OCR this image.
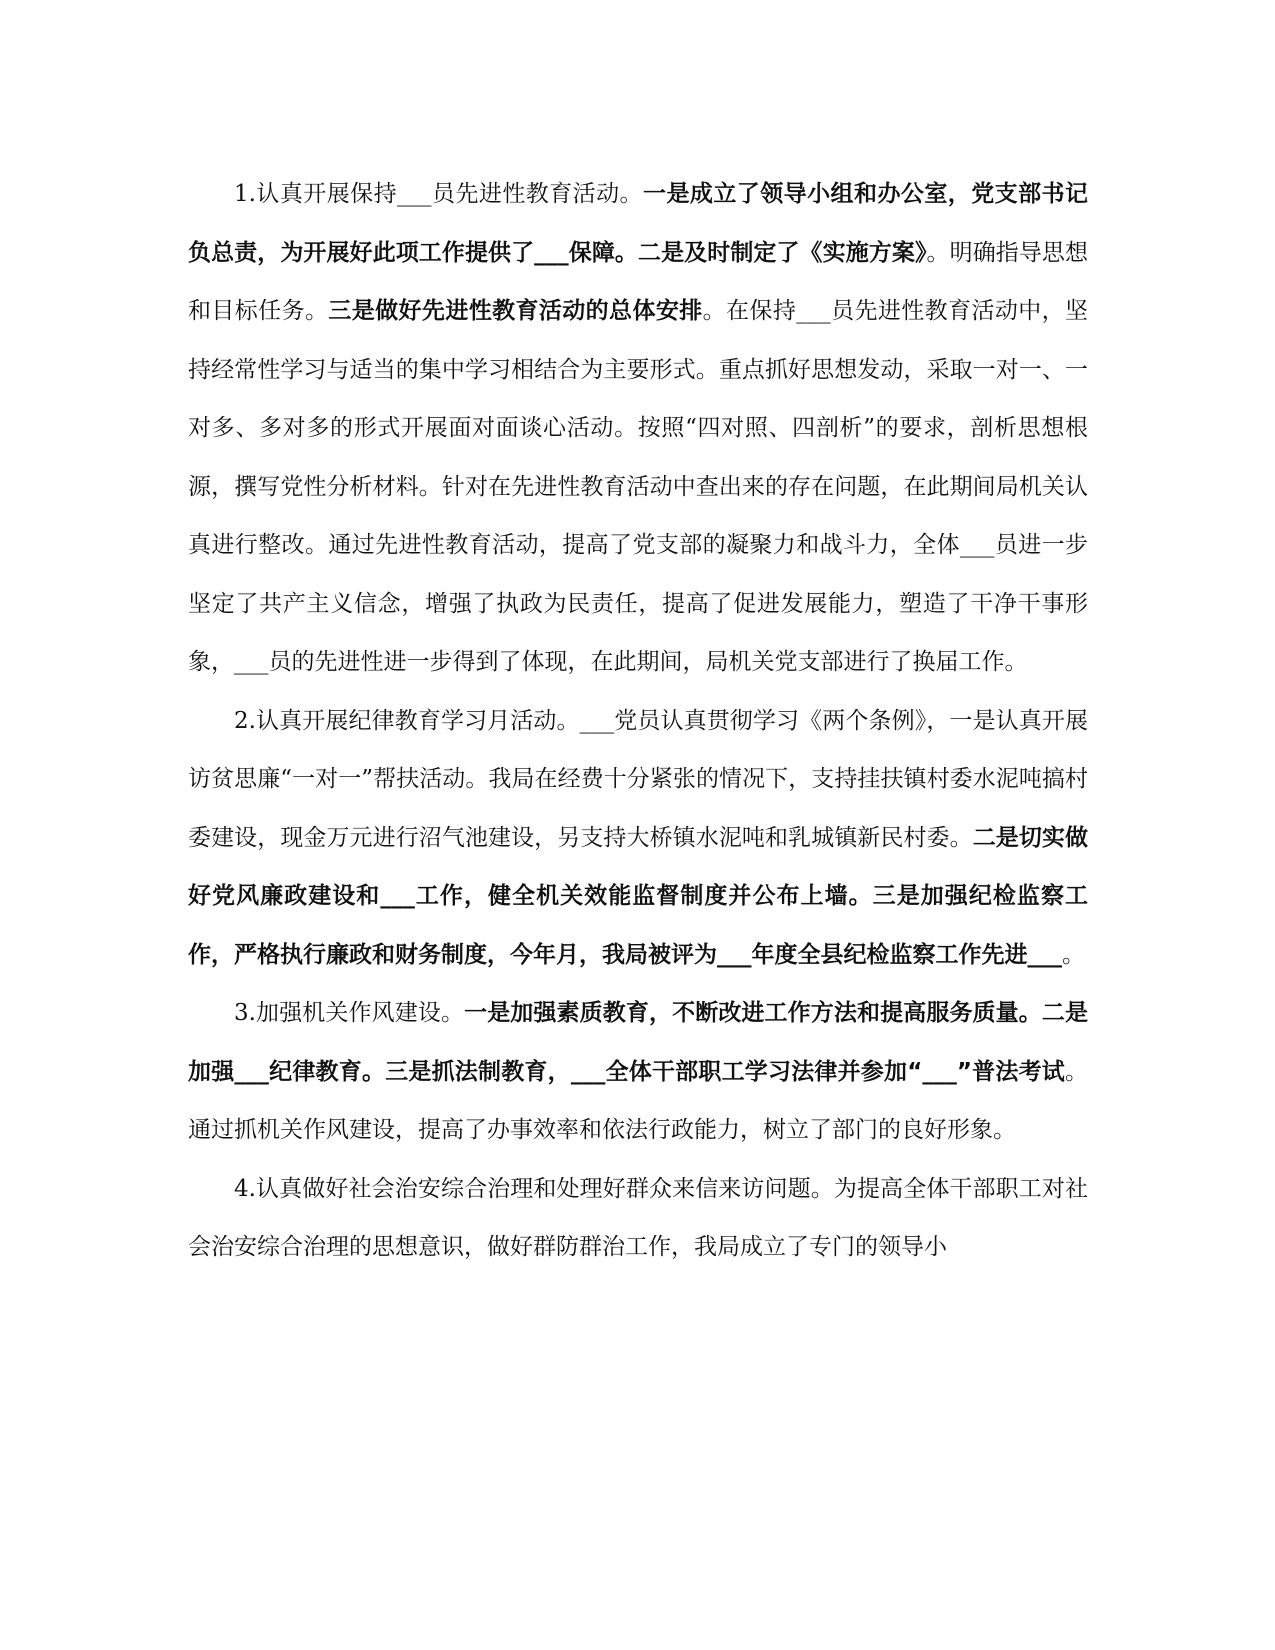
1.认真开展保持___员先进性教育活动。一是成立了领导小组和办公室，党支部书记负总责，为开展好此项工作提供了___保障。二是及时制定了《实施方案》。明确指导思想和目标任务。三是做好先进性教育活动的总体安排。在保持___员先进性教育活动中，坚持经常性学习与适当的集中学习相结合为主要形式。重点抓好思想发动，采取一对一、一对多、多对多的形式开展面对面谈心活动。按照“四对照、四剖析”的要求，剖析思想根源，撰写党性分析材料。针对在先进性教育活动中查出来的存在问题，在此期间局机关认真进行整改。通过先进性教育活动，提高了党支部的凝聚力和战斗力，全体___员进一步坚定了共产主义信念，增强了执政为民责任，提高了促进发展能力，塑造了干净干事形象，___员的先进性进一步得到了体现，在此期间，局机关党支部进行了换届工作。

2.认真开展纪律教育学习月活动。___党员认真贯彻学习《两个条例》，一是认真开展访贫思廉“一对一”帮扶活动。我局在经费十分紧张的情况下，支持挂扶镇村委水泥吨搞村委建设，现金万元进行沼气池建设，另支持大桥镇水泥吨和乳城镇新民村委。二是切实做好党风廉政建设和___工作，健全机关效能监督制度并公布上墙。三是加强纪检监察工作，严格执行廉政和财务制度，今年月，我局被评为___年度全县纪检监察工作先进___。

3.加强机关作风建设。一是加强素质教育，不断改进工作方法和提高服务质量。二是加强___纪律教育。三是抓法制教育，___全体干部职工学习法律并参加“___”普法考试。通过抓机关作风建设，提高了办事效率和依法行政能力，树立了部门的良好形象。

4.认真做好社会治安综合治理和处理好群众来信来访问题。为提高全体干部职工对社会治安综合治理的思想意识，做好群防群治工作，我局成立了专门的领导小
